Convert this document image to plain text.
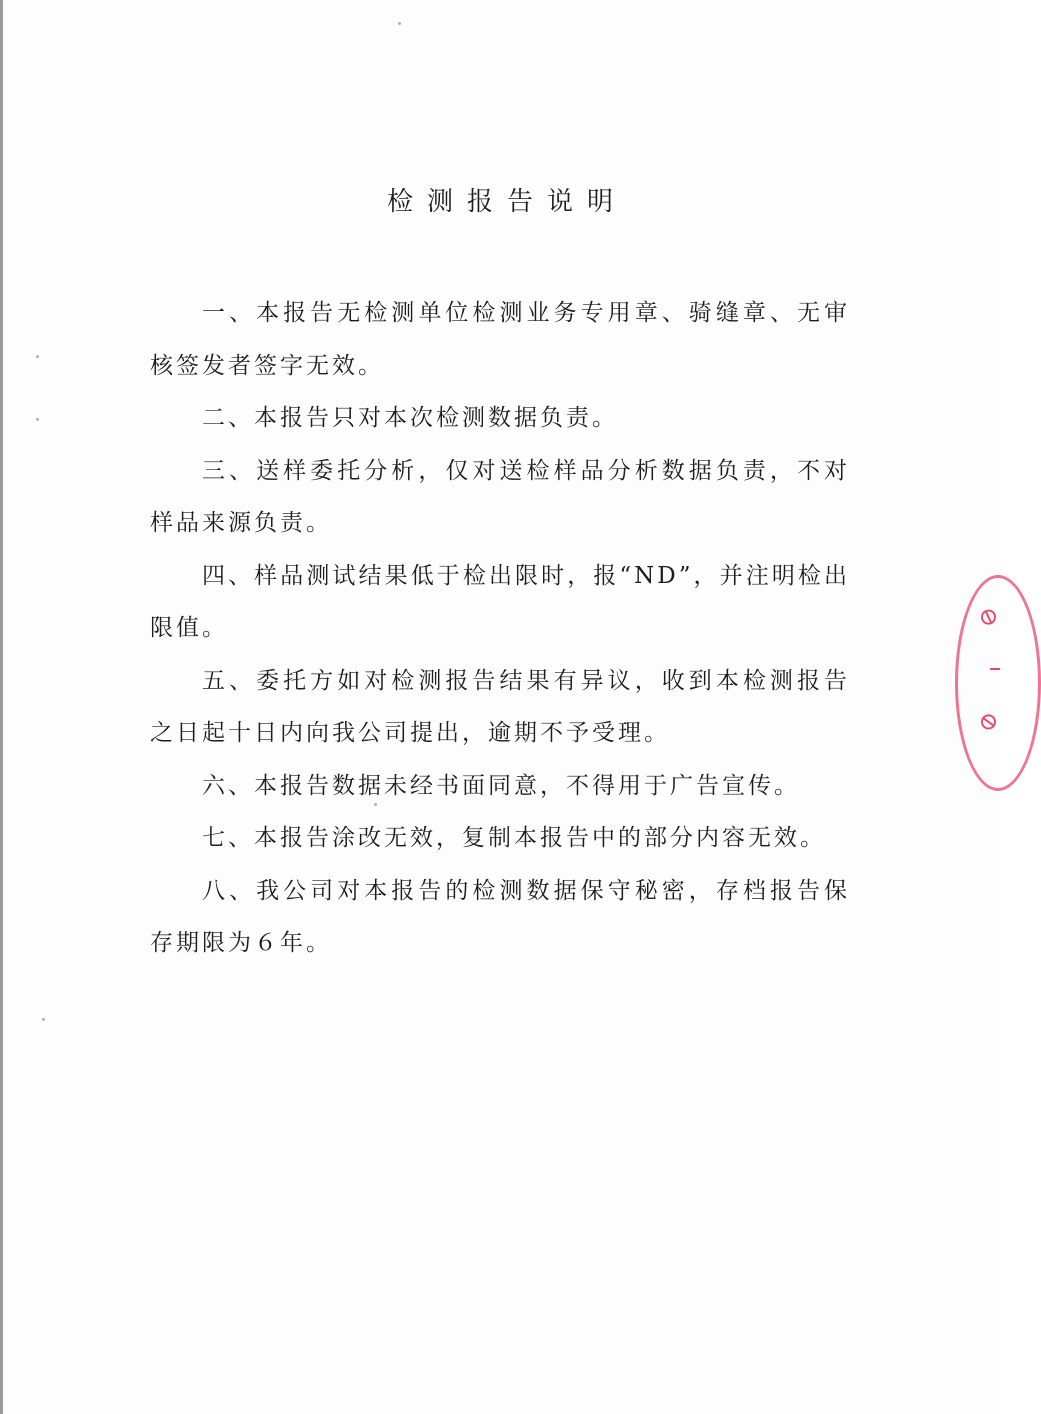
检测报告说明

一、本报告无检测单位检测业务专用章、骑缝章、无审核签发者签字无效。

二、本报告只对本次检测数据负责。

三、送样委托分析，仅对送检样品分析数据负责，不对样品来源负责。

四、样品测试结果低于检出限时，报“ND”，并注明检出限值。

五、委托方如对检测报告结果有异议，收到本检测报告之日起十日内向我公司提出，逾期不予受理。

六、本报告数据未经书面同意，不得用于广告宣传。

七、本报告涂改无效，复制本报告中的部分内容无效。

八、我公司对本报告的检测数据保守秘密，存档报告保存期限为６年。

⊘
⊘
